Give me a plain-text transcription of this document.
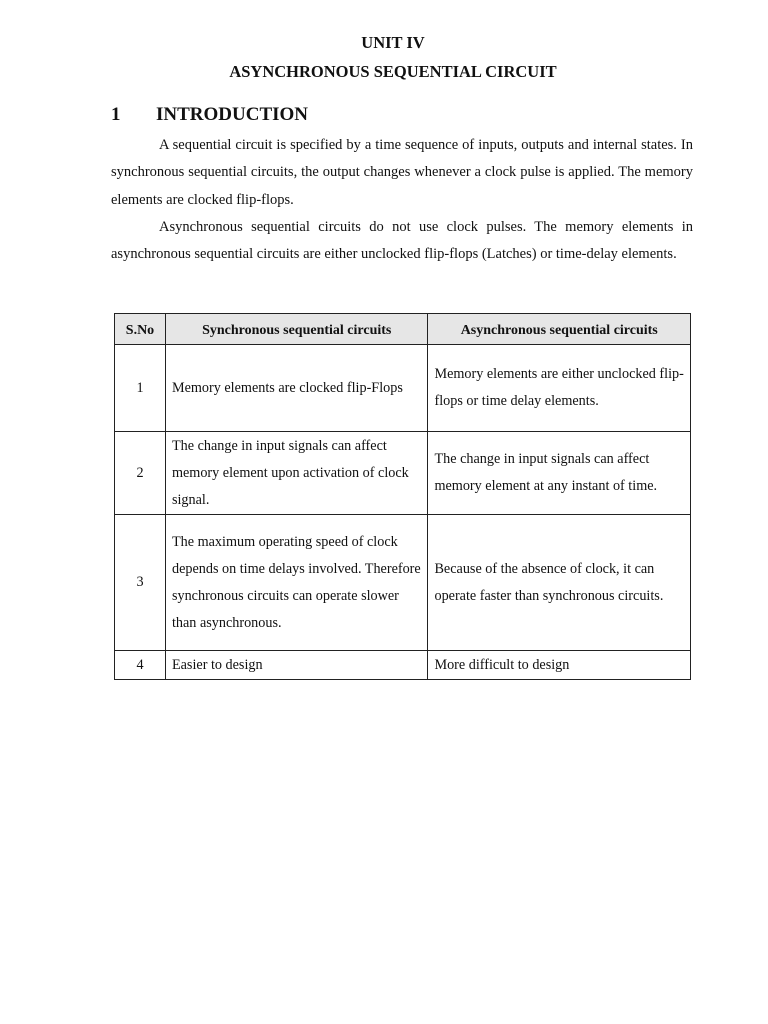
UNIT IV
ASYNCHRONOUS SEQUENTIAL CIRCUIT
1 INTRODUCTION

A sequential circuit is specified by a time sequence of inputs, outputs and internal states. In synchronous sequential circuits, the output changes whenever a clock pulse is applied. The memory elements are clocked flip-flops.

Asynchronous sequential circuits do not use clock pulses. The memory elements in asynchronous sequential circuits are either unclocked flip-flops (Latches) or time-delay elements.

S.No	Synchronous sequential circuits	Asynchronous sequential circuits
1	Memory elements are clocked flip-Flops	Memory elements are either unclocked flip-flops or time delay elements.
2	The change in input signals can affect memory element upon activation of clock signal.	The change in input signals can affect memory element at any instant of time.
3	The maximum operating speed of clock depends on time delays involved. Therefore synchronous circuits can operate slower than asynchronous.	Because of the absence of clock, it can operate faster than synchronous circuits.
4	Easier to design	More difficult to design
